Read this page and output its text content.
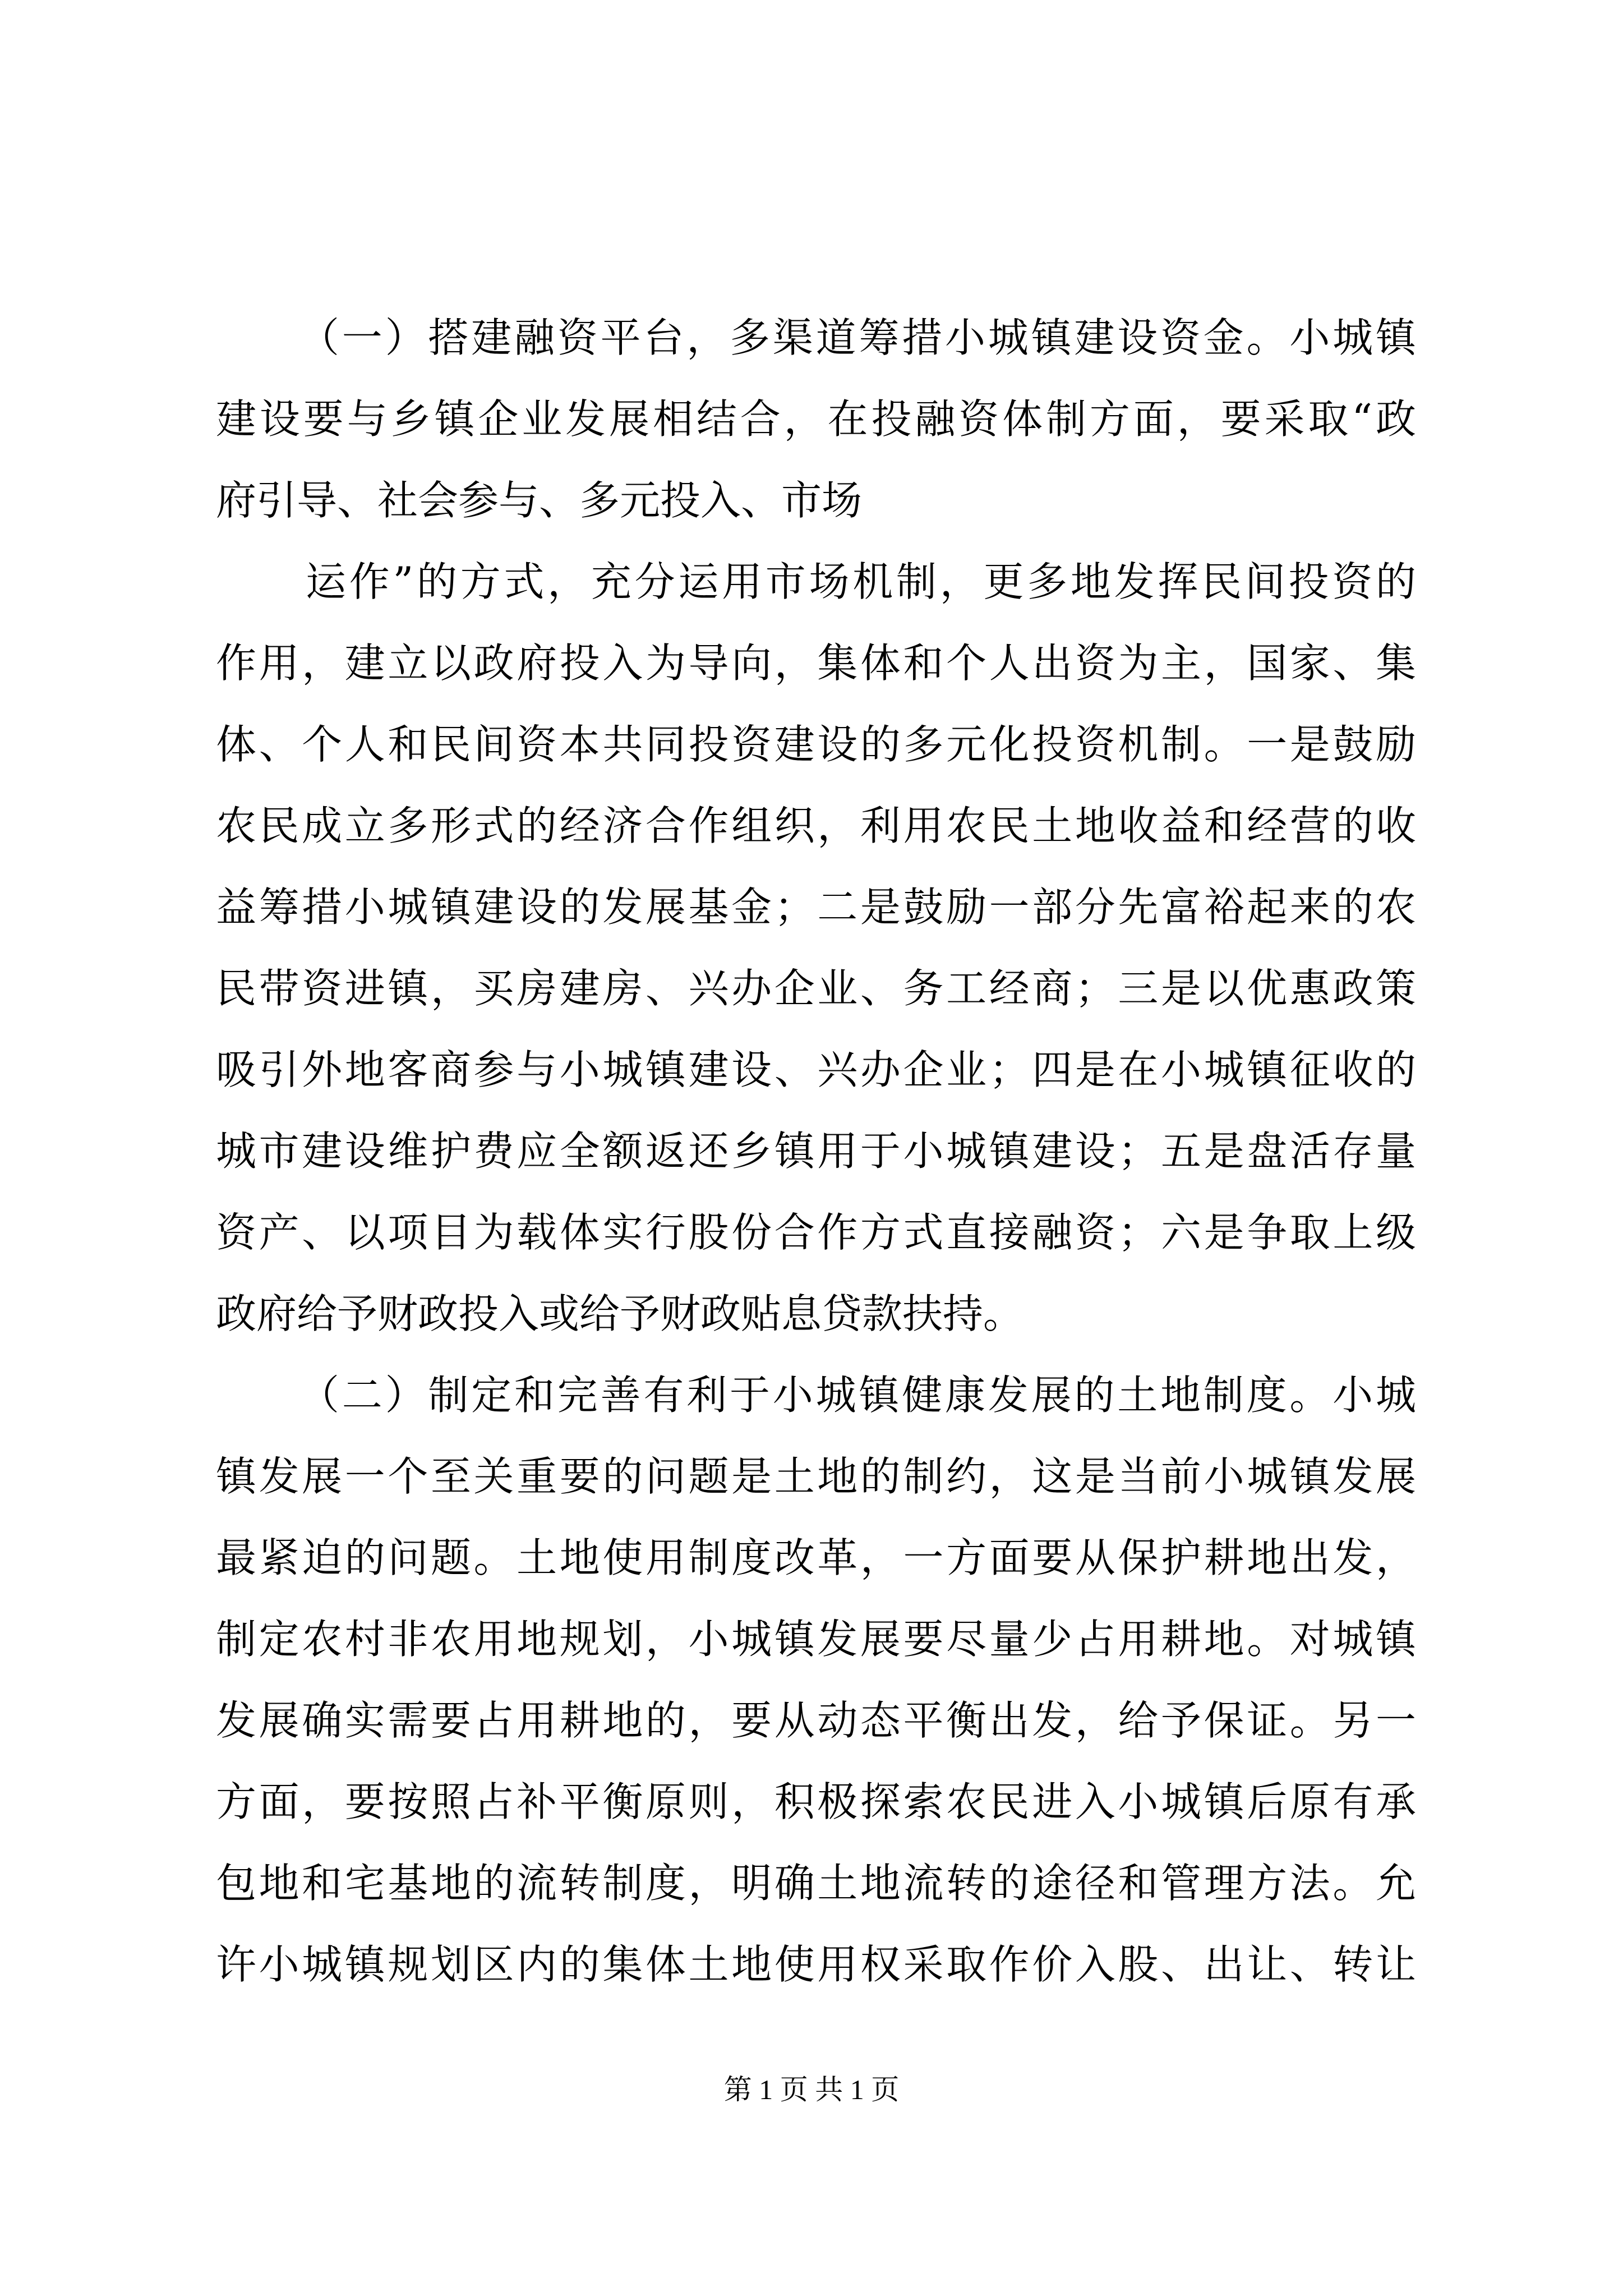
（一）搭建融资平台，多渠道筹措小城镇建设资金。小城镇
建设要与乡镇企业发展相结合，在投融资体制方面，要采取“政
府引导、社会参与、多元投入、市场
运作”的方式，充分运用市场机制，更多地发挥民间投资的
作用，建立以政府投入为导向，集体和个人出资为主，国家、集
体、个人和民间资本共同投资建设的多元化投资机制。一是鼓励
农民成立多形式的经济合作组织，利用农民土地收益和经营的收
益筹措小城镇建设的发展基金；二是鼓励一部分先富裕起来的农
民带资进镇，买房建房、兴办企业、务工经商；三是以优惠政策
吸引外地客商参与小城镇建设、兴办企业；四是在小城镇征收的
城市建设维护费应全额返还乡镇用于小城镇建设；五是盘活存量
资产、以项目为载体实行股份合作方式直接融资；六是争取上级
政府给予财政投入或给予财政贴息贷款扶持。
（二）制定和完善有利于小城镇健康发展的土地制度。小城
镇发展一个至关重要的问题是土地的制约，这是当前小城镇发展
最紧迫的问题。土地使用制度改革，一方面要从保护耕地出发，
制定农村非农用地规划，小城镇发展要尽量少占用耕地。对城镇
发展确实需要占用耕地的，要从动态平衡出发，给予保证。另一
方面，要按照占补平衡原则，积极探索农民进入小城镇后原有承
包地和宅基地的流转制度，明确土地流转的途径和管理方法。允
许小城镇规划区内的集体土地使用权采取作价入股、出让、转让
第 1 页 共 1 页
